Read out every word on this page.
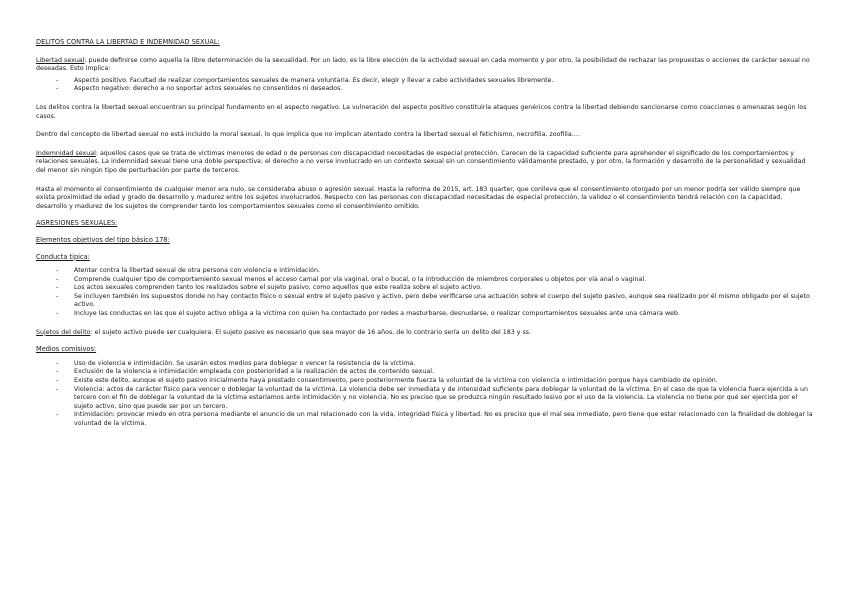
DELITOS CONTRA LA LIBERTAD E INDEMNIDAD SEXUAL:

Libertad sexual: puede definirse como aquella la libre determinación de la sexualidad. Por un lado, es la libre elección de la actividad sexual en cada momento y por otro, la posibilidad de rechazar las propuestas o acciones de carácter sexual no deseadas. Esto implica:

- Aspecto positivo. Facultad de realizar comportamientos sexuales de manera voluntaria. Es decir, elegir y llevar a cabo actividades sexuales libremente.
- Aspecto negativo: derecho a no soportar actos sexuales no consentidos ni deseados.

Los delitos contra la libertad sexual encuentran su principal fundamento en el aspecto negativo. La vulneración del aspecto positivo constituiría ataques genéricos contra la libertad debiendo sancionarse como coacciones o amenazas según los casos.

Dentro del concepto de libertad sexual no está incluido la moral sexual, lo que implica que no implican atentado contra la libertad sexual el fetichismo, necrofilia, zoofilia….

Indemnidad sexual: aquellos casos que se trata de víctimas menores de edad o de personas con discapacidad necesitadas de especial protección. Carecen de la capacidad suficiente para aprehender el significado de los comportamientos y relaciones sexuales. La indemnidad sexual tiene una doble perspectiva: el derecho a no verse involucrado en un contexto sexual sin un consentimiento válidamente prestado, y por otro, la formación y desarrollo de la personalidad y sexualidad del menor sin ningún tipo de perturbación por parte de terceros.

Hasta el momento el consentimiento de cualquier menor era nulo, se consideraba abuso o agresión sexual. Hasta la reforma de 2015, art. 183 quarter, que conlleva que el consentimiento otorgado por un menor podría ser válido siempre que exista proximidad de edad y grado de desarrollo y madurez entre los sujetos involucrados. Respecto con las personas con discapacidad necesitadas de especial protección, la validez o el consentimiento tendrá relación con la capacidad, desarrollo y madurez de los sujetos de comprender tanto los comportamientos sexuales como el consentimiento omitido.

AGRESIONES SEXUALES:
Elementos objetivos del tipo básico 178:
Conducta típica:
- Atentar contra la libertad sexual de otra persona con violencia e intimidación.
- Comprende cualquier tipo de comportamiento sexual menos el acceso carnal por vía vaginal, oral o bucal, o la introducción de miembros corporales u objetos por vía anal o vaginal.
- Los actos sexuales comprenden tanto los realizados sobre el sujeto pasivo, como aquellos que este realiza sobre el sujeto activo.
- Se incluyen también los supuestos donde no hay contacto físico o sexual entre el sujeto pasivo y activo, pero debe verificarse una actuación sobre el cuerpo del sujeto pasivo, aunque sea realizado por él mismo obligado por el sujeto activo.
- Incluye las conductas en las que el sujeto activo obliga a la víctima con quien ha contactado por redes a masturbarse, desnudarse, o realizar comportamientos sexuales ante una cámara web.

Sujetos del delito: el sujeto activo puede ser cualquiera. El sujeto pasivo es necesario que sea mayor de 16 años, de lo contrario sería un delito del 183 y ss.

Medios comisivos:
- Uso de violencia e intimidación. Se usarán estos medios para doblegar o vencer la resistencia de la víctima.
- Exclusión de la violencia e intimidación empleada con posterioridad a la realización de actos de contenido sexual.
- Existe este delito, aunque el sujeto pasivo inicialmente haya prestado consentimiento, pero posteriormente fuerza la voluntad de la víctima con violencia o intimidación porque haya cambiado de opinión.
- Violencia: actos de carácter físico para vencer o doblegar la voluntad de la víctima. La violencia debe ser inmediata y de intensidad suficiente para doblegar la voluntad de la víctima. En el caso de que la violencia fuera ejercida a un tercero con el fin de doblegar la voluntad de la víctima estaríamos ante intimidación y no violencia. No es preciso que se produzca ningún resultado lesivo por el uso de la violencia. La violencia no tiene por qué ser ejercida por el sujeto activo, sino que puede ser por un tercero.
- Intimidación: provocar miedo en otra persona mediante el anuncio de un mal relacionado con la vida, integridad física y libertad. No es preciso que el mal sea inmediato, pero tiene que estar relacionado con la finalidad de doblegar la voluntad de la víctima.
